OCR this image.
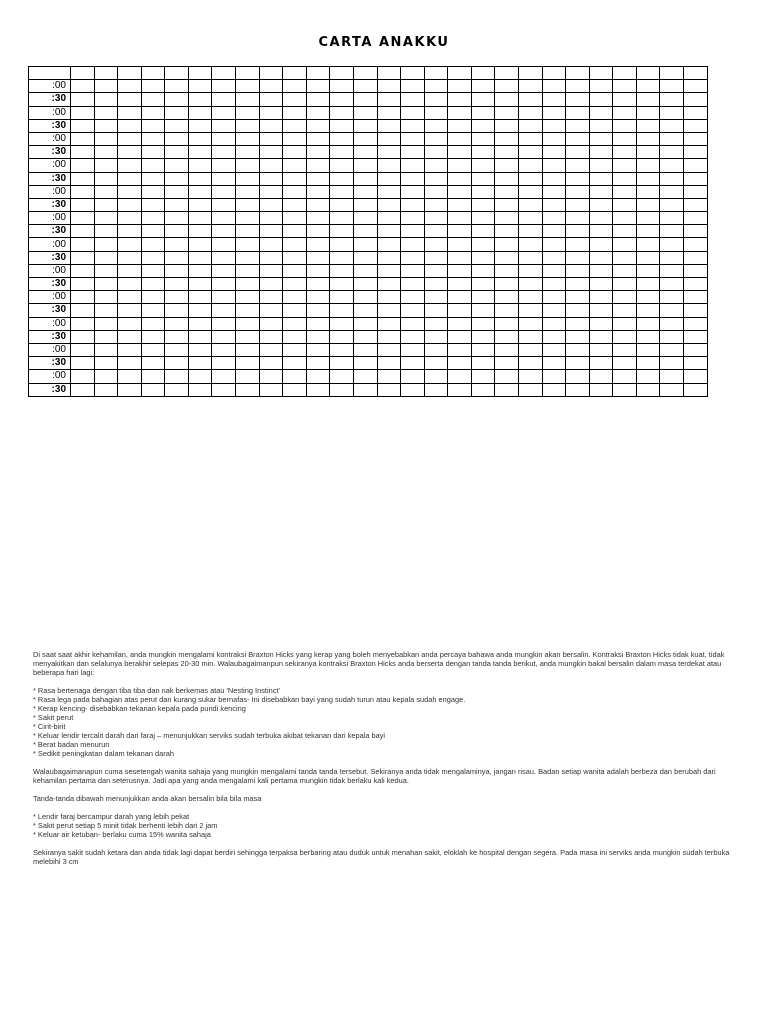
CARTA ANAKKU

:00																											
:30																											
:00																											
:30																											
:00																											
:30																											
:00																											
:30																											
:00																											
:30																											
:00																											
:30																											
:00																											
:30																											
:00																											
:30																											
:00																											
:30																											
:00																											
:30																											
:00																											
:30																											
:00																											
:30																											

Di saat saat akhir kehamilan, anda mungkin mengalami kontraksi Braxton Hicks yang kerap yang boleh menyebabkan anda percaya bahawa anda mungkin akan bersalin. Kontraksi Braxton Hicks tidak kuat, tidak menyakitkan dan selalunya berakhir selepas 20-30 min. Walaubagaimanpun sekiranya kontraksi Braxton Hicks anda berserta dengan tanda tanda berikut, anda mungkin bakal bersalin dalam masa terdekat atau beberapa hari lagi:

* Rasa bertenaga dengan tiba tiba dan nak berkemas atau 'Nesting Instinct'
* Rasa lega pada bahagian atas perut dan kurang sukar bernafas- Ini disebabkan bayi yang sudah turun atau kepala sudah engage.
* Kerap kencing- disebabkan tekanan kepala pada pundi kencing
* Sakit perut
* Cirit-birit
* Keluar lendir tercalit darah dari faraj – menunjukkan serviks sudah terbuka akibat tekanan dari kepala bayi
* Berat badan menurun
* Sedikit peningkatan dalam tekanan darah

Walaubagaimanapun cuma sesetengah wanita sahaja yang mungkin mengalami tanda tanda tersebut. Sekiranya anda tidak mengalaminya, jangan risau. Badan setiap wanita adalah berbeza dan berubah dari kehamilan pertama dan seterusnya. Jadi apa yang anda mengalami kali pertama mungkin tidak berlaku kali kedua.

Tanda-tanda dibawah menunjukkan anda akan bersalin bila bila masa

* Lendir faraj bercampur darah yang lebih pekat
* Sakit perut setiap 5 minit tidak berhenti lebih dari 2 jam
* Keluar air ketuban- berlaku cuma 15% wanita sahaja

Sekiranya sakit sudah ketara dan anda tidak lagi dapat berdiri sehingga terpaksa berbaring atau duduk untuk menahan sakit, eloklah ke hospital dengan segera. Pada masa ini serviks anda mungkin sudah terbuka melebihi 3 cm
